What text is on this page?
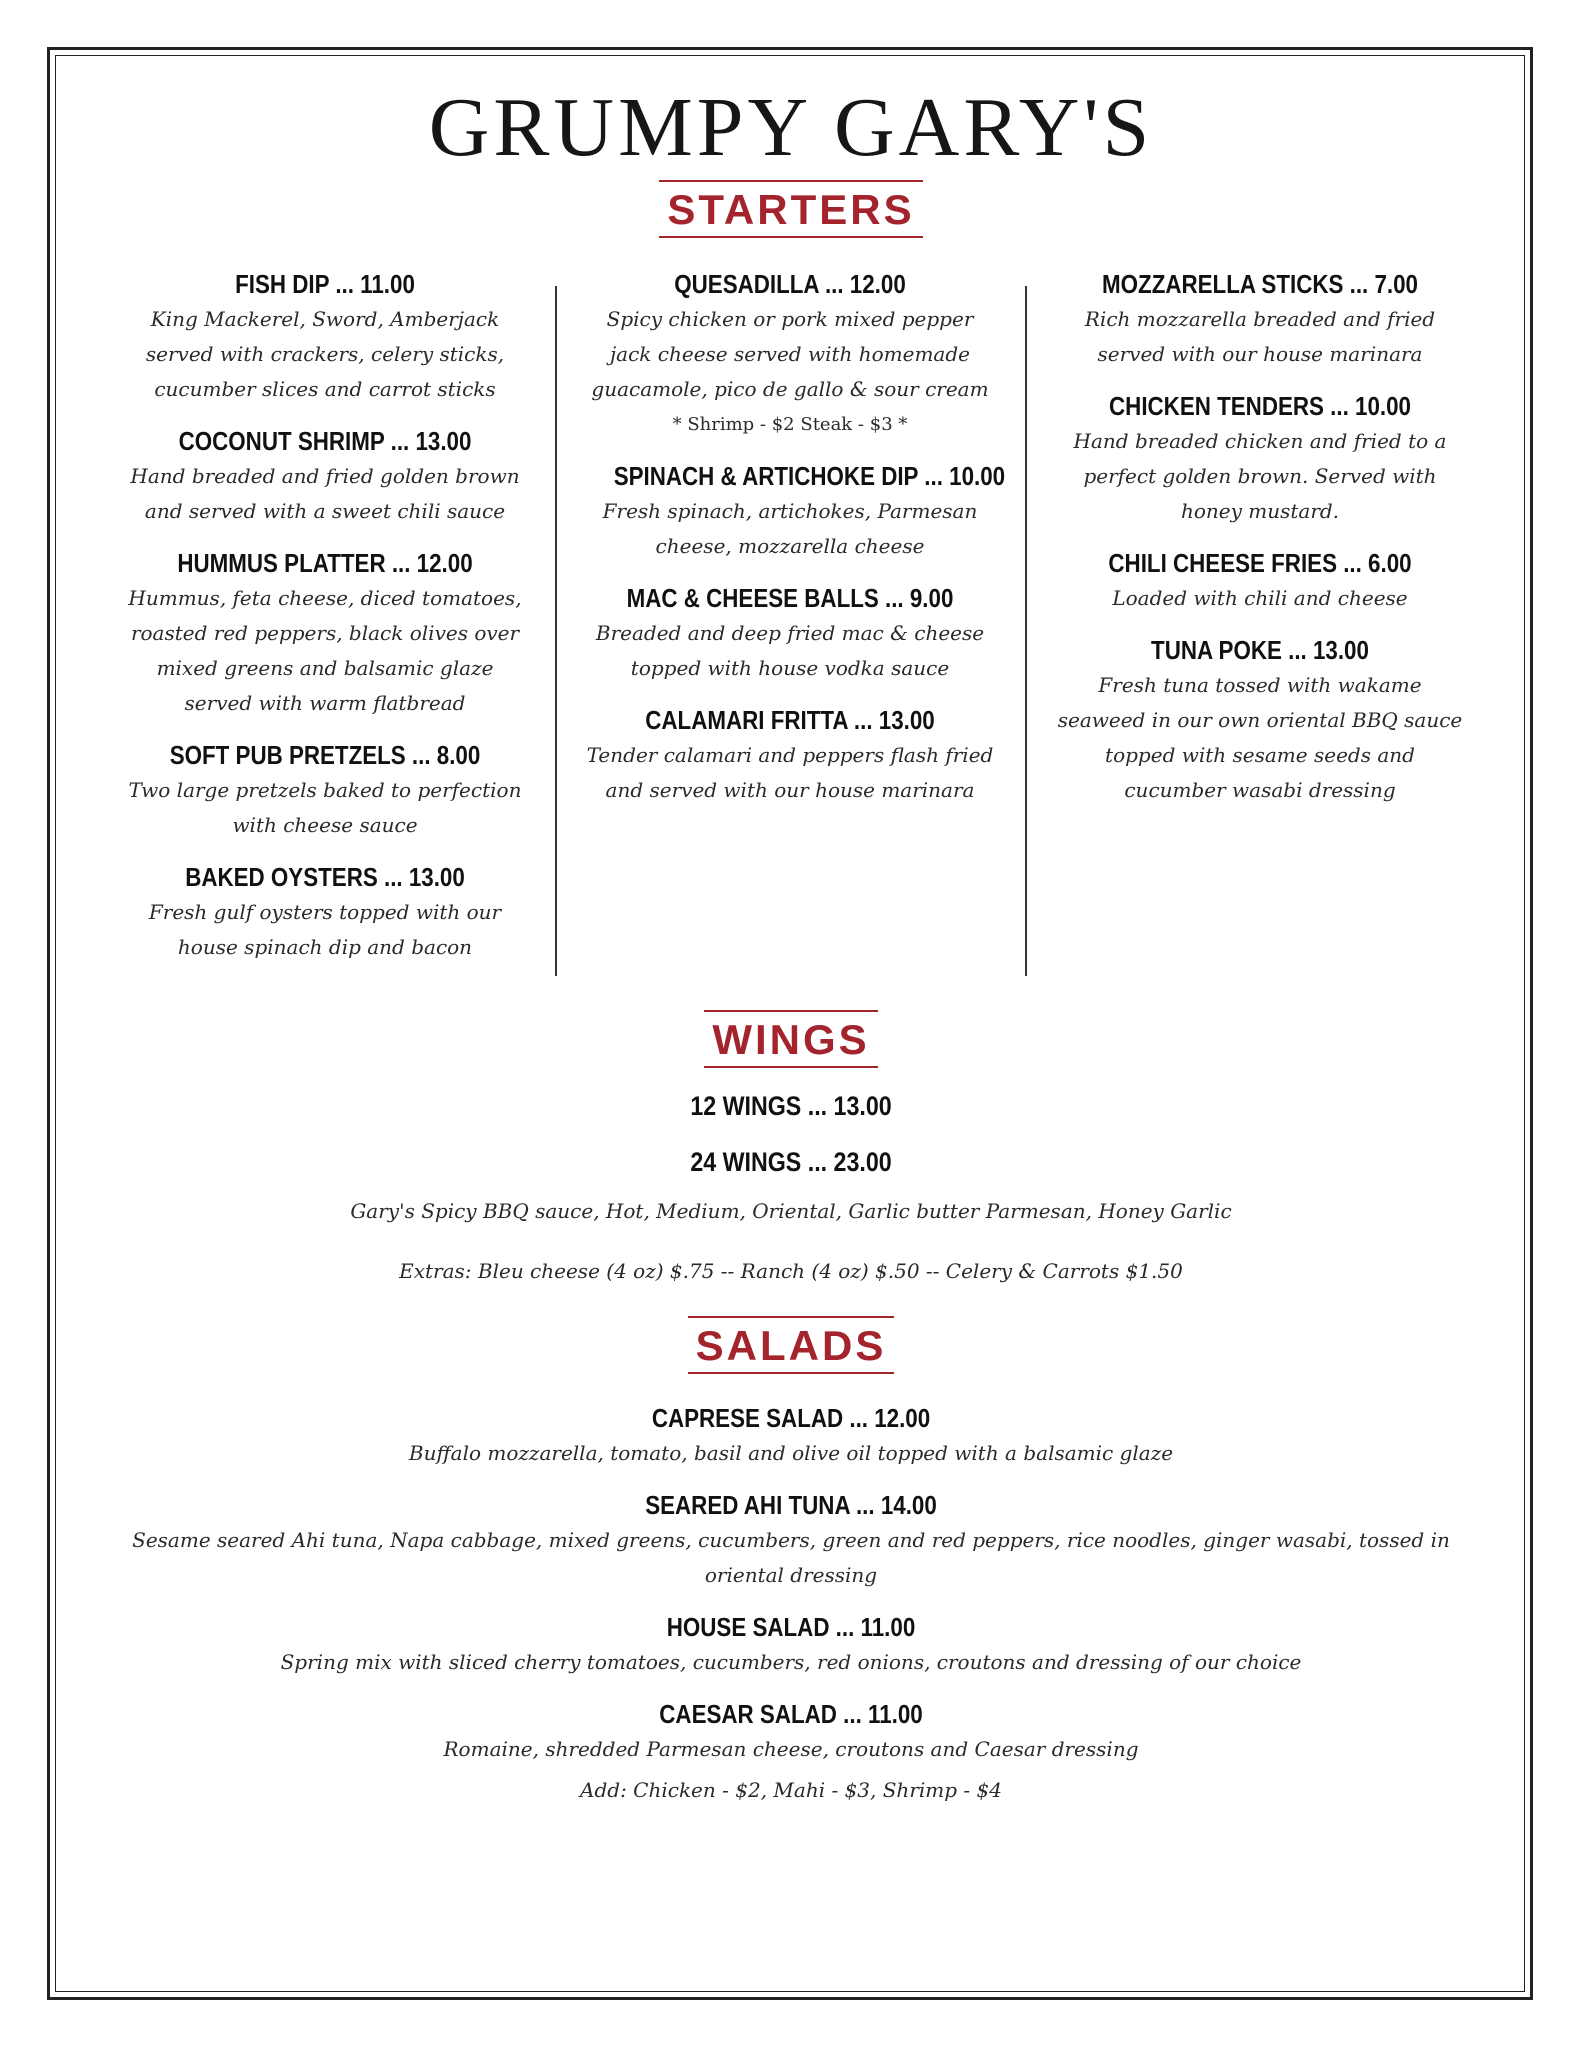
GRUMPY GARY'S
STARTERS
FISH DIP ... 11.00
King Mackerel, Sword, Amberjack served with crackers, celery sticks, cucumber slices and carrot sticks
COCONUT SHRIMP ... 13.00
Hand breaded and fried golden brown and served with a sweet chili sauce
HUMMUS PLATTER ... 12.00
Hummus, feta cheese, diced tomatoes, roasted red peppers, black olives over mixed greens and balsamic glaze served with warm flatbread
SOFT PUB PRETZELS ... 8.00
Two large pretzels baked to perfection with cheese sauce
BAKED OYSTERS ... 13.00
Fresh gulf oysters topped with our house spinach dip and bacon
QUESADILLA ... 12.00
Spicy chicken or pork mixed pepper jack cheese served with homemade guacamole, pico de gallo & sour cream
* Shrimp - $2 Steak - $3 *
SPINACH & ARTICHOKE DIP ... 10.00
Fresh spinach, artichokes, Parmesan cheese, mozzarella cheese
MAC & CHEESE BALLS ... 9.00
Breaded and deep fried mac & cheese topped with house vodka sauce
CALAMARI FRITTA ... 13.00
Tender calamari and peppers flash fried and served with our house marinara
MOZZARELLA STICKS ... 7.00
Rich mozzarella breaded and fried served with our house marinara
CHICKEN TENDERS ... 10.00
Hand breaded chicken and fried to a perfect golden brown. Served with honey mustard.
CHILI CHEESE FRIES ... 6.00
Loaded with chili and cheese
TUNA POKE ... 13.00
Fresh tuna tossed with wakame seaweed in our own oriental BBQ sauce topped with sesame seeds and cucumber wasabi dressing
WINGS
12 WINGS ... 13.00
24 WINGS ... 23.00
Gary's Spicy BBQ sauce, Hot, Medium, Oriental, Garlic butter Parmesan, Honey Garlic
Extras: Bleu cheese (4 oz) $.75 -- Ranch (4 oz) $.50 -- Celery & Carrots $1.50
SALADS
CAPRESE SALAD ... 12.00
Buffalo mozzarella, tomato, basil and olive oil topped with a balsamic glaze
SEARED AHI TUNA ... 14.00
Sesame seared Ahi tuna, Napa cabbage, mixed greens, cucumbers, green and red peppers, rice noodles, ginger wasabi, tossed in oriental dressing
HOUSE SALAD ... 11.00
Spring mix with sliced cherry tomatoes, cucumbers, red onions, croutons and dressing of our choice
CAESAR SALAD ... 11.00
Romaine, shredded Parmesan cheese, croutons and Caesar dressing
Add: Chicken - $2, Mahi - $3, Shrimp - $4
